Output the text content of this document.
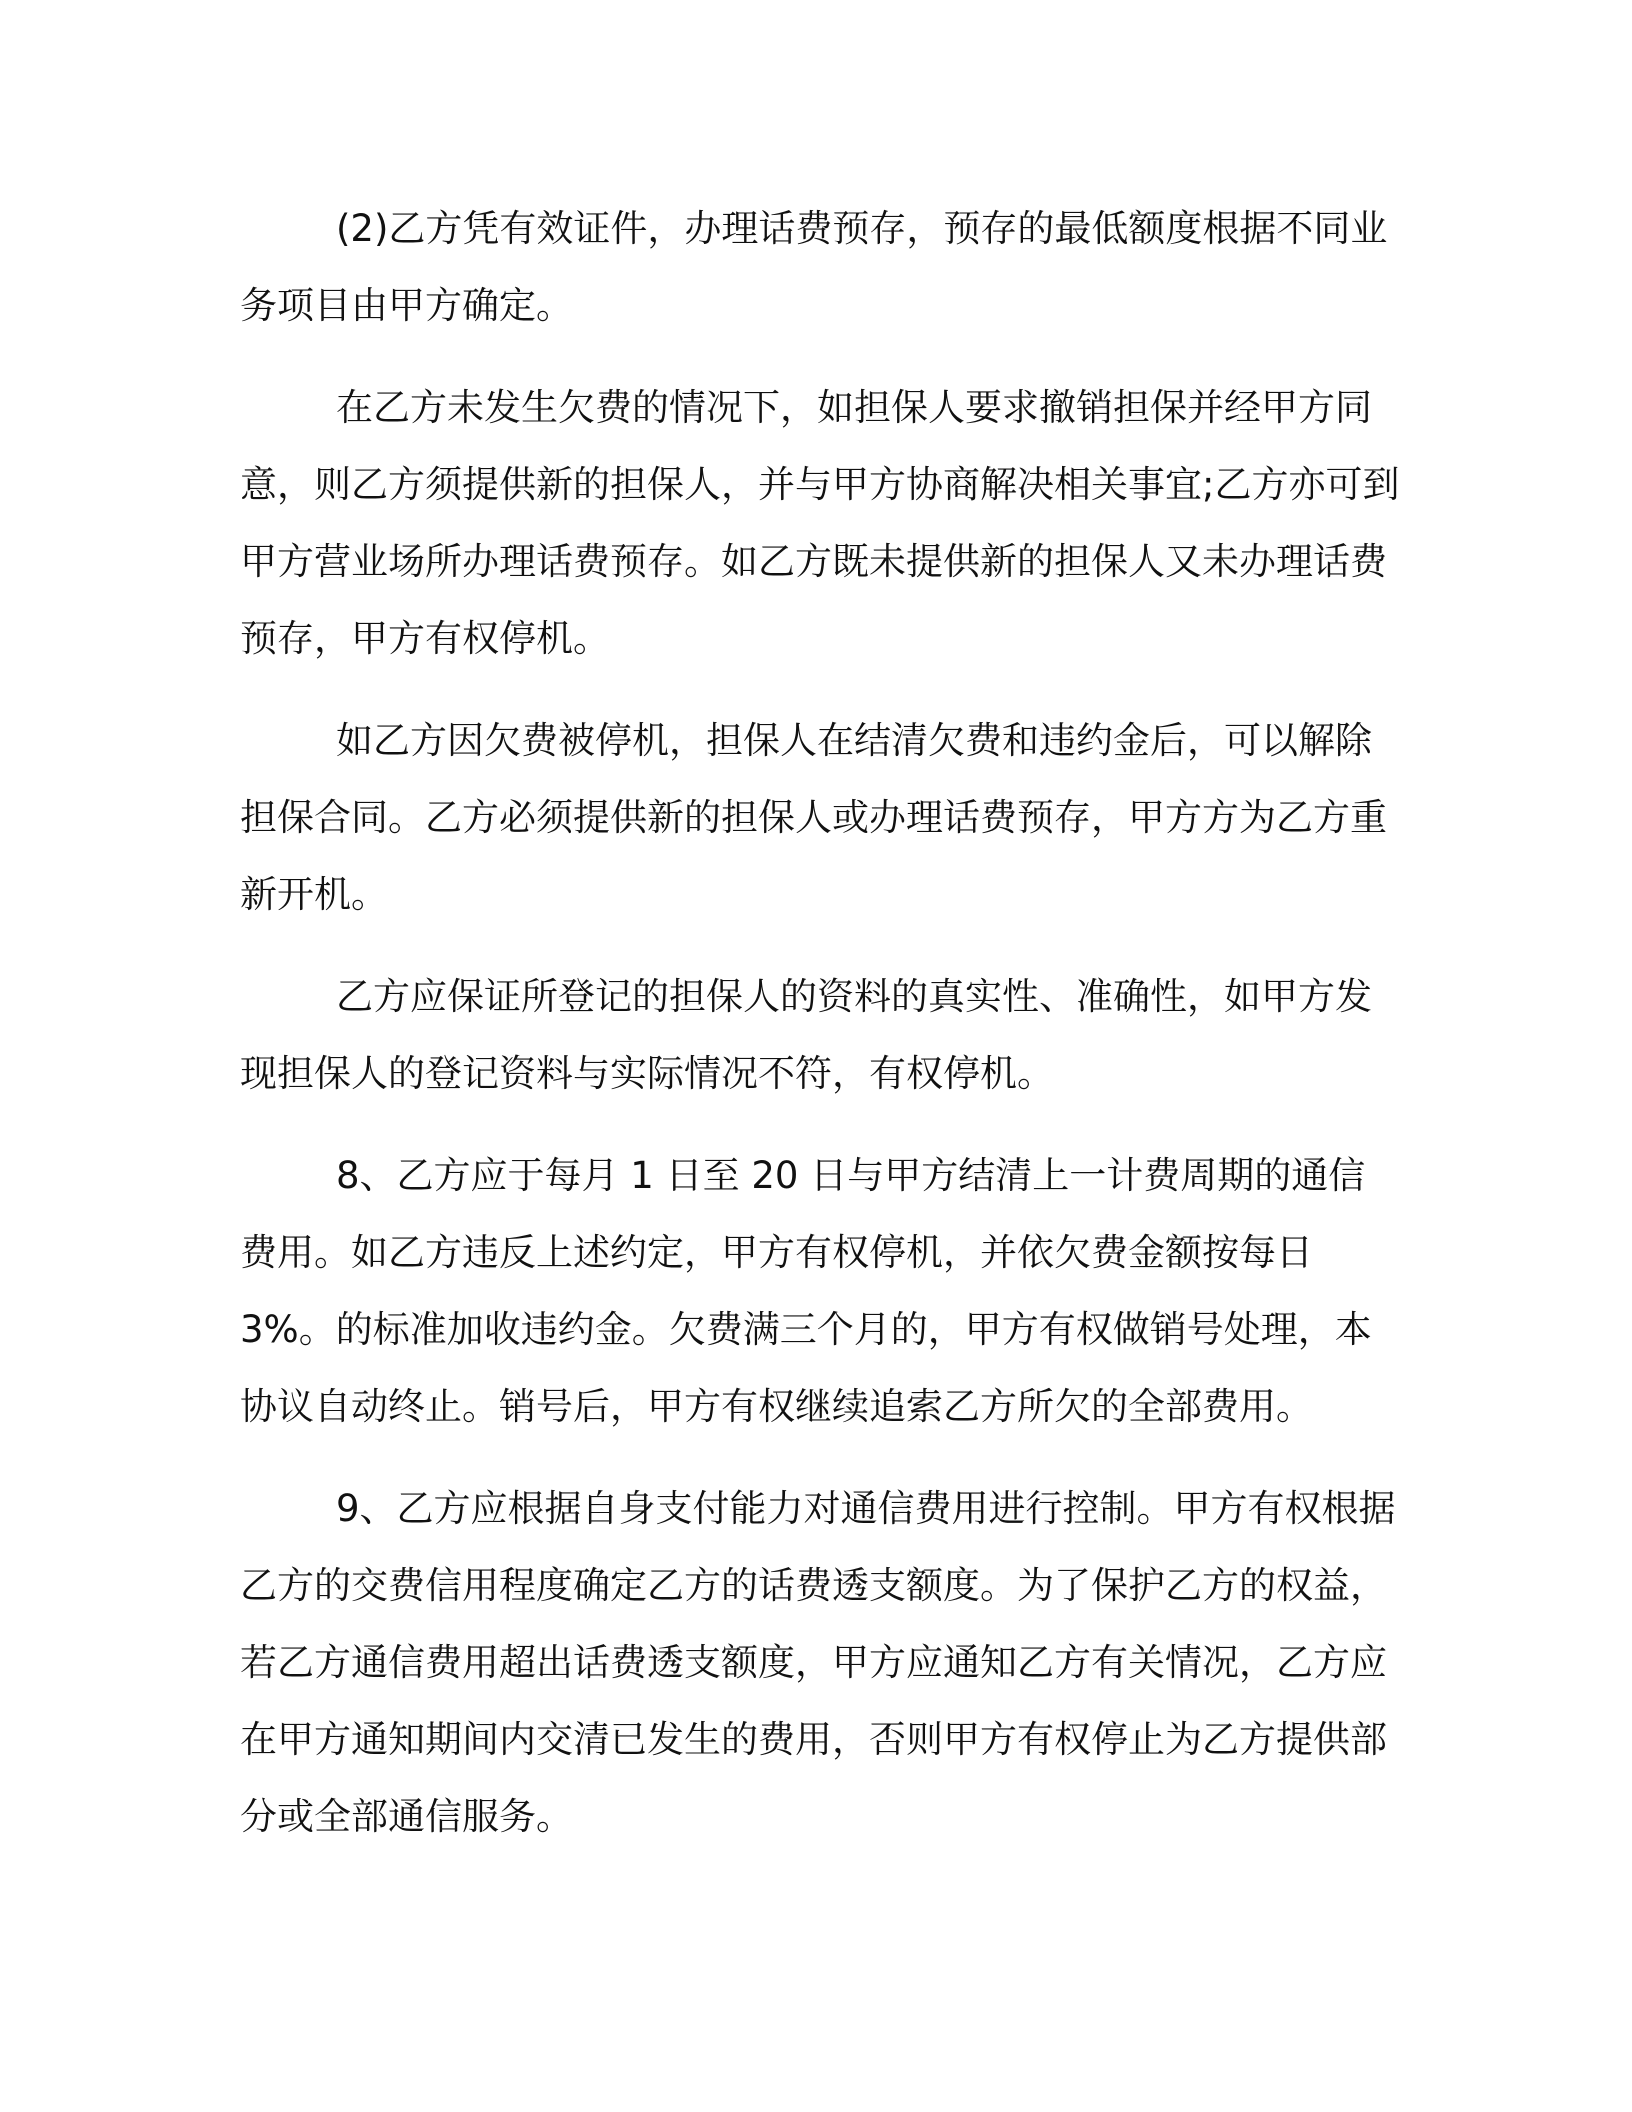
(2)乙方凭有效证件，办理话费预存，预存的最低额度根据不同业务项目由甲方确定。

在乙方未发生欠费的情况下，如担保人要求撤销担保并经甲方同意，则乙方须提供新的担保人，并与甲方协商解决相关事宜;乙方亦可到甲方营业场所办理话费预存。如乙方既未提供新的担保人又未办理话费预存，甲方有权停机。

如乙方因欠费被停机，担保人在结清欠费和违约金后，可以解除担保合同。乙方必须提供新的担保人或办理话费预存，甲方方为乙方重新开机。

乙方应保证所登记的担保人的资料的真实性、准确性，如甲方发现担保人的登记资料与实际情况不符，有权停机。

8、乙方应于每月 1 日至 20 日与甲方结清上一计费周期的通信费用。如乙方违反上述约定，甲方有权停机，并依欠费金额按每日 3%。的标准加收违约金。欠费满三个月的，甲方有权做销号处理，本协议自动终止。销号后，甲方有权继续追索乙方所欠的全部费用。

9、乙方应根据自身支付能力对通信费用进行控制。甲方有权根据乙方的交费信用程度确定乙方的话费透支额度。为了保护乙方的权益，若乙方通信费用超出话费透支额度，甲方应通知乙方有关情况，乙方应在甲方通知期间内交清已发生的费用，否则甲方有权停止为乙方提供部分或全部通信服务。
